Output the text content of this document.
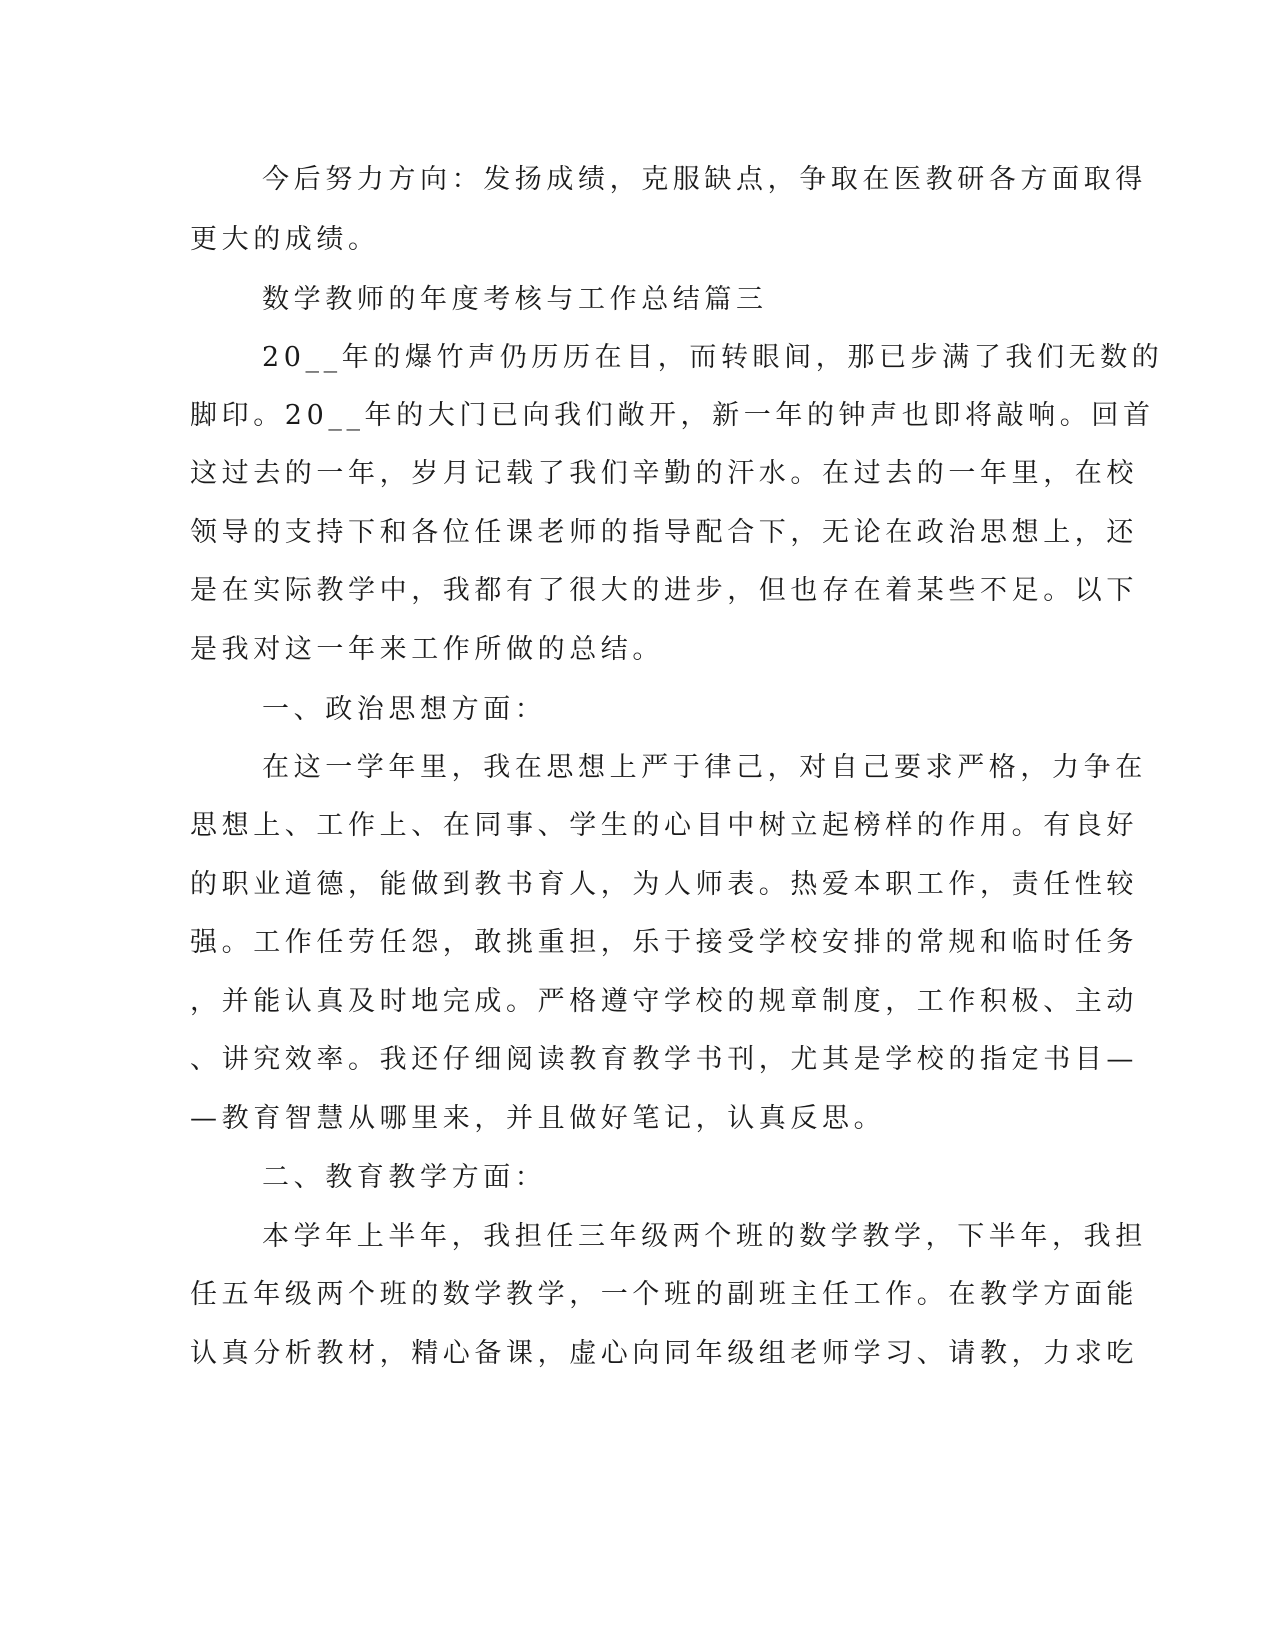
今后努力方向：发扬成绩，克服缺点，争取在医教研各方面取得
更大的成绩。
数学教师的年度考核与工作总结篇三
20__年的爆竹声仍历历在目，而转眼间，那已步满了我们无数的
脚印。20__年的大门已向我们敞开，新一年的钟声也即将敲响。回首
这过去的一年，岁月记载了我们辛勤的汗水。在过去的一年里，在校
领导的支持下和各位任课老师的指导配合下，无论在政治思想上，还
是在实际教学中，我都有了很大的进步，但也存在着某些不足。以下
是我对这一年来工作所做的总结。
一、政治思想方面：
在这一学年里，我在思想上严于律己，对自己要求严格，力争在
思想上、工作上、在同事、学生的心目中树立起榜样的作用。有良好
的职业道德，能做到教书育人，为人师表。热爱本职工作，责任性较
强。工作任劳任怨，敢挑重担，乐于接受学校安排的常规和临时任务
，并能认真及时地完成。严格遵守学校的规章制度，工作积极、主动
、讲究效率。我还仔细阅读教育教学书刊，尤其是学校的指定书目—
—教育智慧从哪里来，并且做好笔记，认真反思。
二、教育教学方面：
本学年上半年，我担任三年级两个班的数学教学，下半年，我担
任五年级两个班的数学教学，一个班的副班主任工作。在教学方面能
认真分析教材，精心备课，虚心向同年级组老师学习、请教，力求吃
